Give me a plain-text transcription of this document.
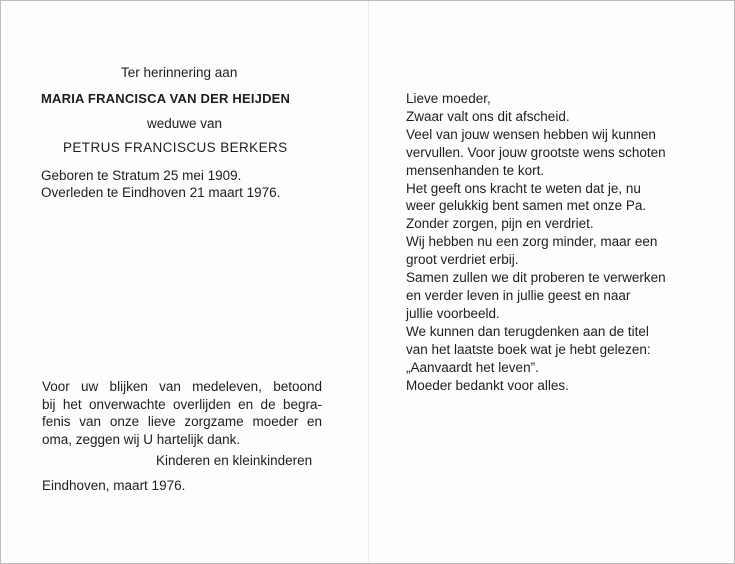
Ter herinnering aan
MARIA FRANCISCA VAN DER HEIJDEN
weduwe van
PETRUS FRANCISCUS BERKERS
Geboren te Stratum 25 mei 1909.
Overleden te Eindhoven 21 maart 1976.
Voor uw blijken van medeleven, betoond
bij het onverwachte overlijden en de begra-
fenis van onze lieve zorgzame moeder en
oma, zeggen wij U hartelijk dank.
Kinderen en kleinkinderen
Eindhoven, maart 1976.
Lieve moeder,
Zwaar valt ons dit afscheid.
Veel van jouw wensen hebben wij kunnen
vervullen. Voor jouw grootste wens schoten
mensenhanden te kort.
Het geeft ons kracht te weten dat je, nu
weer gelukkig bent samen met onze Pa.
Zonder zorgen, pijn en verdriet.
Wij hebben nu een zorg minder, maar een
groot verdriet erbij.
Samen zullen we dit proberen te verwerken
en verder leven in jullie geest en naar
jullie voorbeeld.
We kunnen dan terugdenken aan de titel
van het laatste boek wat je hebt gelezen:
„Aanvaardt het leven”.
Moeder bedankt voor alles.
